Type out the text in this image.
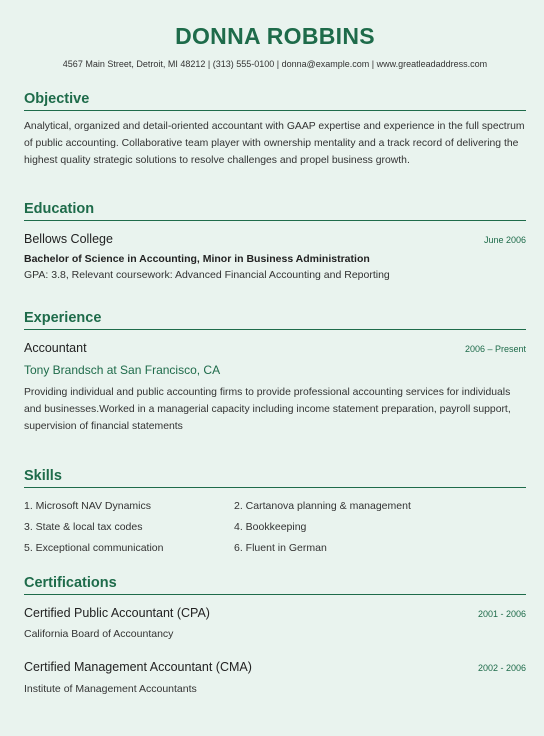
DONNA ROBBINS
4567 Main Street, Detroit, MI 48212 | (313) 555-0100 | donna@example.com | www.greatleadaddress.com
Objective

Analytical, organized and detail-oriented accountant with GAAP expertise and experience in the full spectrum of public accounting. Collaborative team player with ownership mentality and a track record of delivering the highest quality strategic solutions to resolve challenges and propel business growth.

Education
Bellows College	June 2006
Bachelor of Science in Accounting, Minor in Business Administration
GPA: 3.8, Relevant coursework: Advanced Financial Accounting and Reporting
Experience
Accountant	2006 – Present
Tony Brandsch at San Francisco, CA

Providing individual and public accounting firms to provide professional accounting services for individuals and businesses.Worked in a managerial capacity including income statement preparation, payroll support, supervision of financial statements

Skills
1. Microsoft NAV Dynamics	2. Cartanova planning & management
3. State & local tax codes	4. Bookkeeping
5. Exceptional communication	6. Fluent in German
Certifications
Certified Public Accountant (CPA)	2001 - 2006
California Board of Accountancy
Certified Management Accountant (CMA)	2002 - 2006
Institute of Management Accountants
